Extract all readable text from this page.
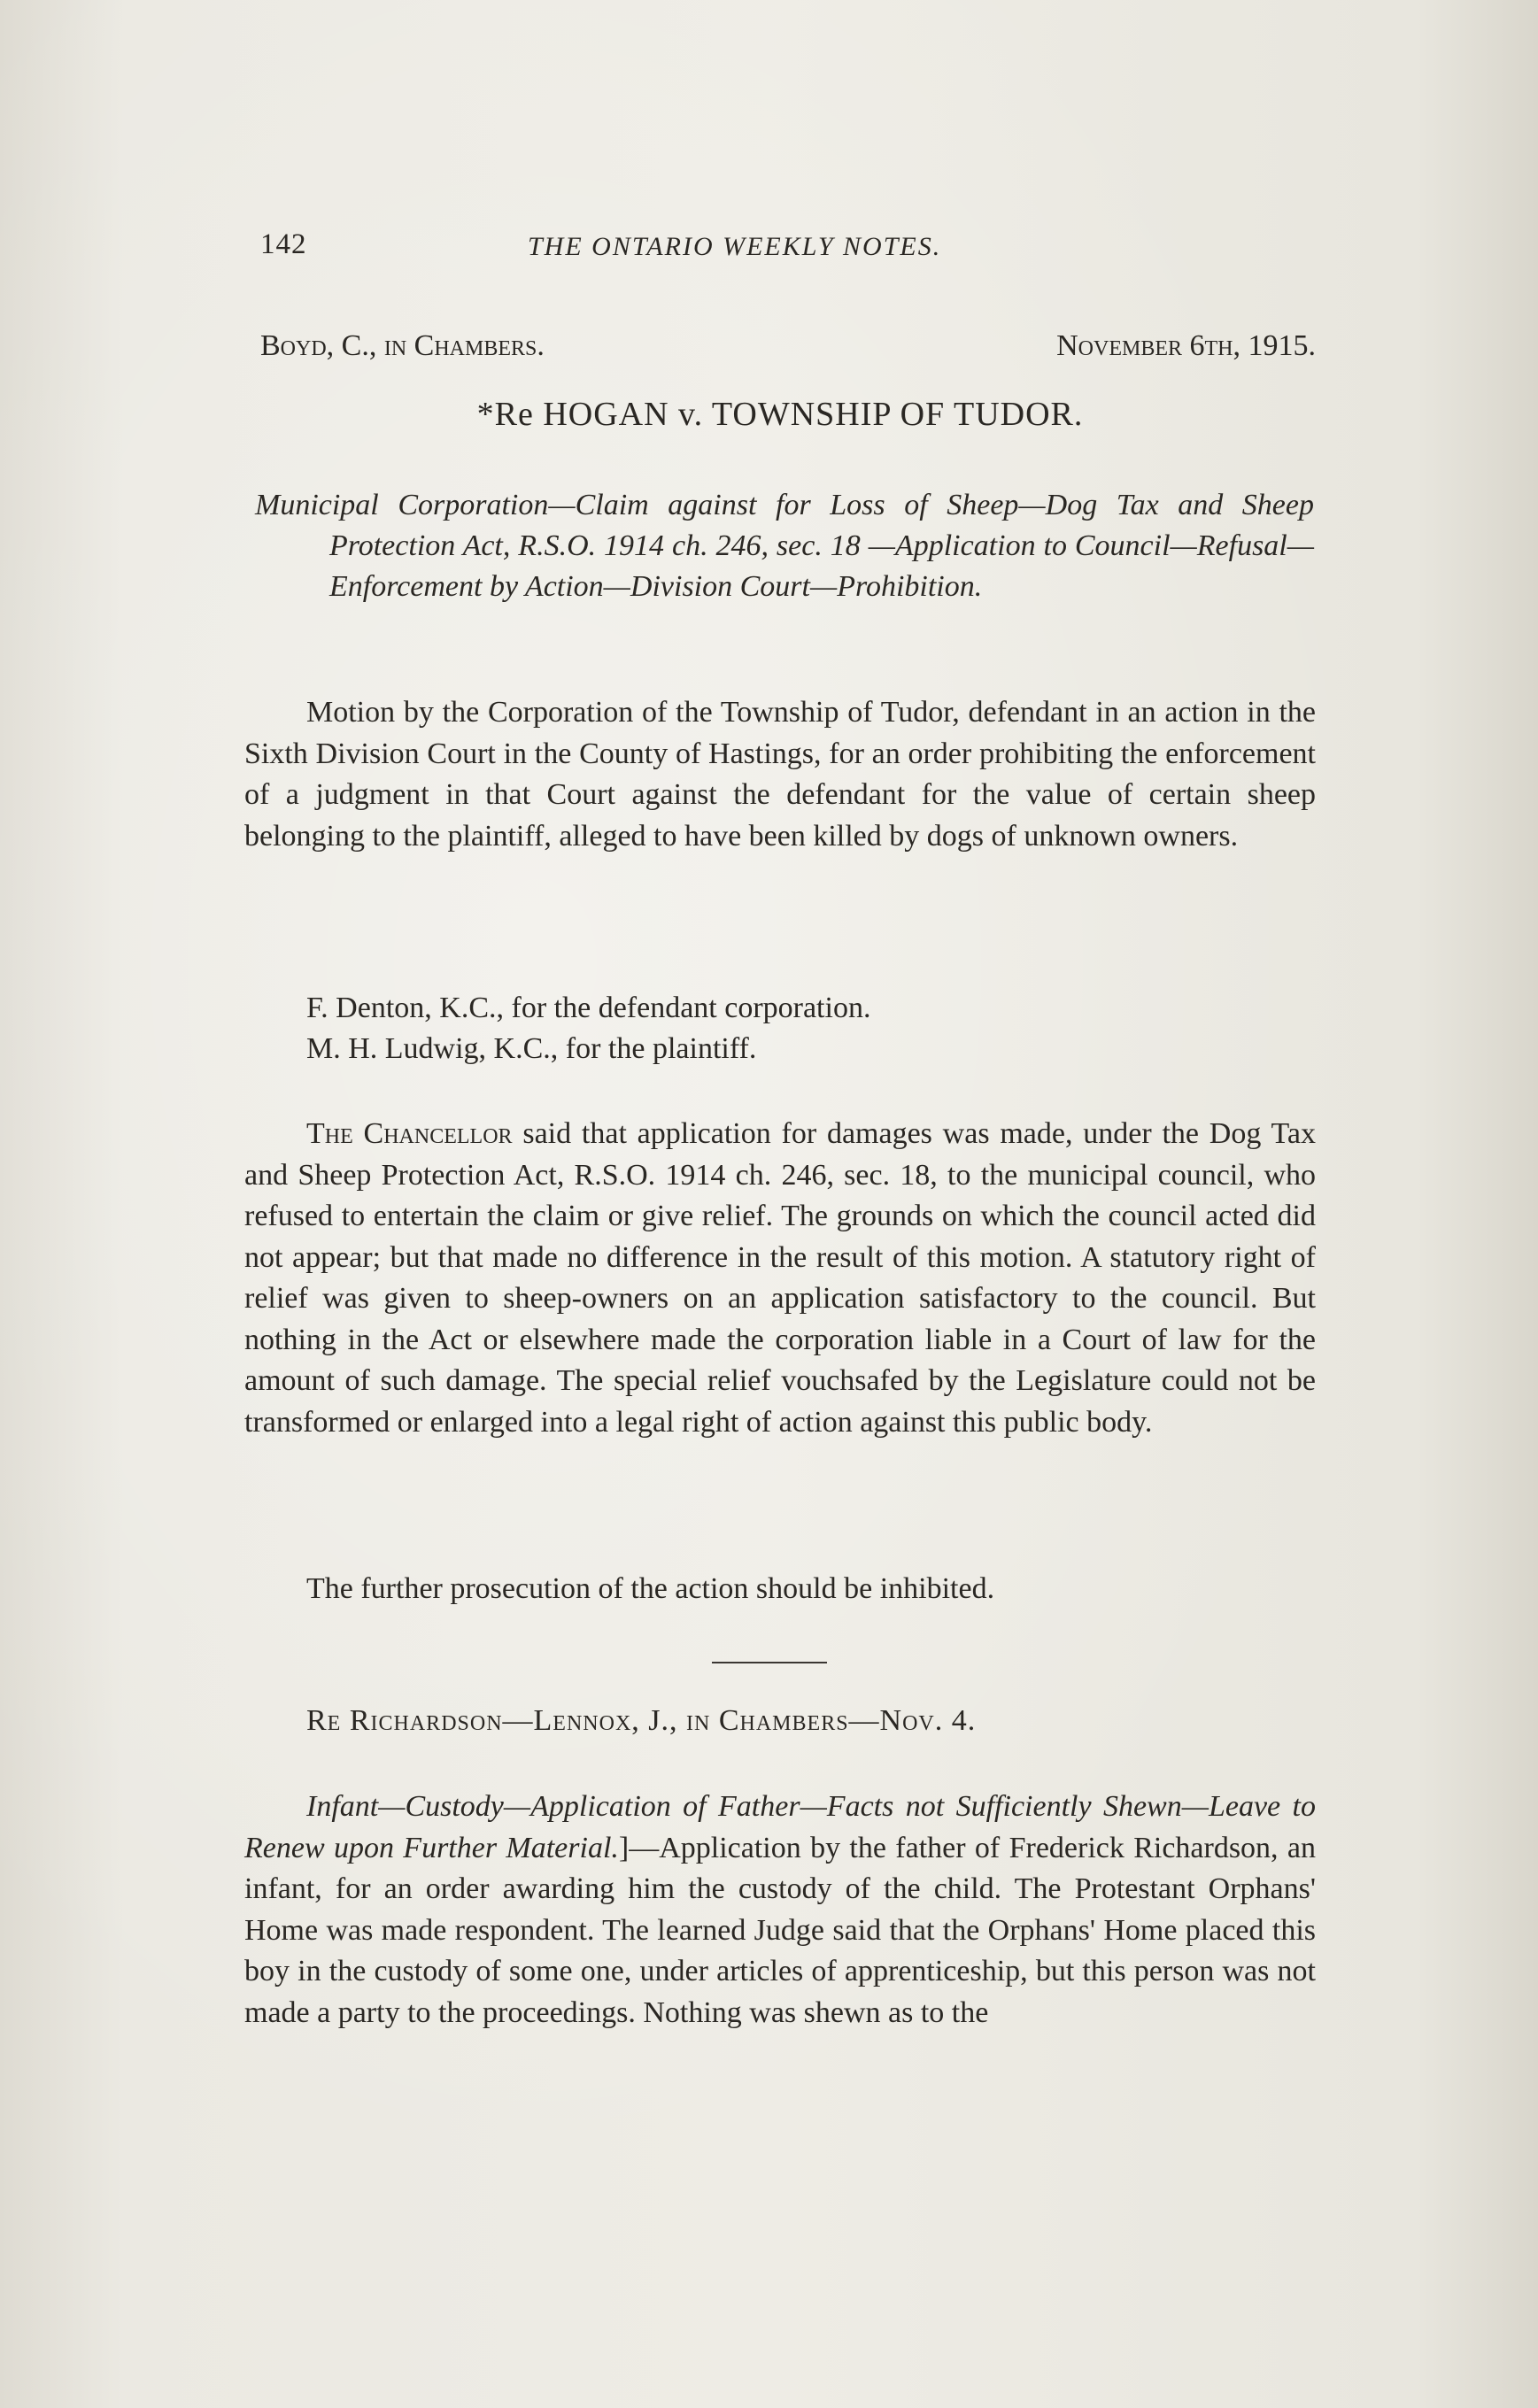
142	THE ONTARIO WEEKLY NOTES.
Boyd, C., in Chambers.	November 6th, 1915.
*Re HOGAN v. TOWNSHIP OF TUDOR.
Municipal Corporation—Claim against for Loss of Sheep—Dog Tax and Sheep Protection Act, R.S.O. 1914 ch. 246, sec. 18 —Application to Council—Refusal—Enforcement by Action—Division Court—Prohibition.
Motion by the Corporation of the Township of Tudor, defendant in an action in the Sixth Division Court in the County of Hastings, for an order prohibiting the enforcement of a judgment in that Court against the defendant for the value of certain sheep belonging to the plaintiff, alleged to have been killed by dogs of unknown owners.
F. Denton, K.C., for the defendant corporation.
M. H. Ludwig, K.C., for the plaintiff.
The Chancellor said that application for damages was made, under the Dog Tax and Sheep Protection Act, R.S.O. 1914 ch. 246, sec. 18, to the municipal council, who refused to entertain the claim or give relief. The grounds on which the council acted did not appear; but that made no difference in the result of this motion. A statutory right of relief was given to sheep-owners on an application satisfactory to the council. But nothing in the Act or elsewhere made the corporation liable in a Court of law for the amount of such damage. The special relief vouchsafed by the Legislature could not be transformed or enlarged into a legal right of action against this public body.
The further prosecution of the action should be inhibited.
Re Richardson—Lennox, J., in Chambers—Nov. 4.
Infant—Custody—Application of Father—Facts not Sufficiently Shewn—Leave to Renew upon Further Material.]—Application by the father of Frederick Richardson, an infant, for an order awarding him the custody of the child. The Protestant Orphans' Home was made respondent. The learned Judge said that the Orphans' Home placed this boy in the custody of some one, under articles of apprenticeship, but this person was not made a party to the proceedings. Nothing was shewn as to the
